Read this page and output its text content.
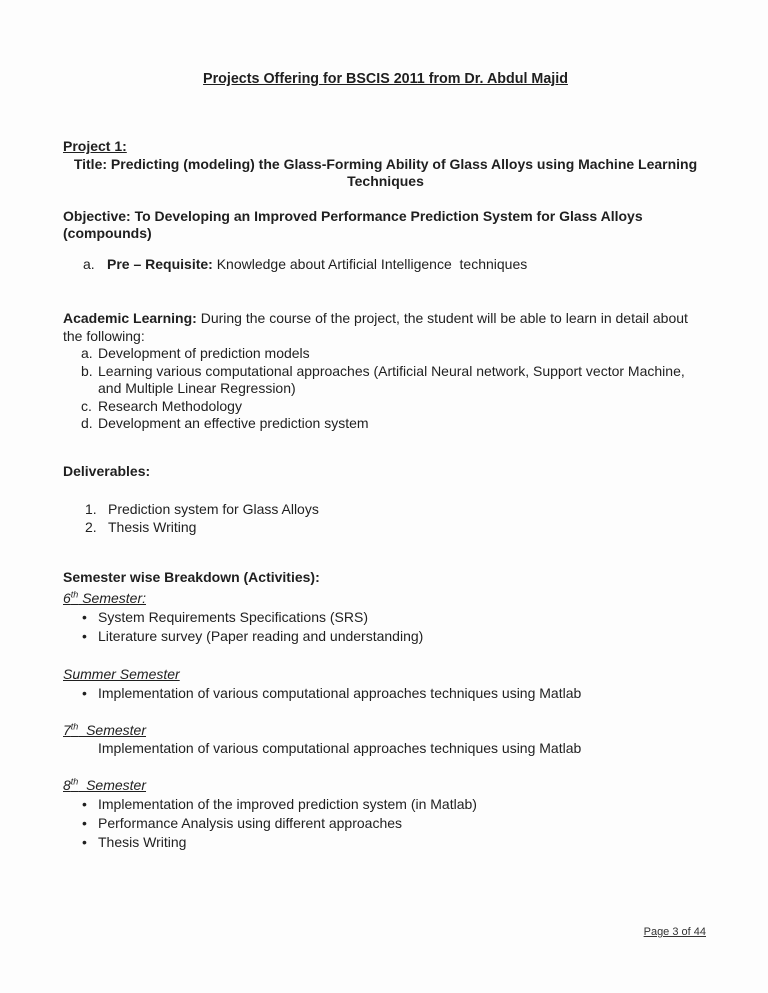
Projects Offering for BSCIS 2011 from Dr. Abdul Majid

Project 1:

Title: Predicting (modeling) the Glass-Forming Ability of Glass Alloys using Machine Learning Techniques

Objective: To Developing an Improved Performance Prediction System for Glass Alloys (compounds)

a. Pre – Requisite: Knowledge about Artificial Intelligence  techniques

Academic Learning: During the course of the project, the student will be able to learn in detail about the following:

a. Development of prediction models
b. Learning various computational approaches (Artificial Neural network, Support vector Machine, and Multiple Linear Regression)
c. Research Methodology
d. Development an effective prediction system

Deliverables:

1. Prediction system for Glass Alloys
2. Thesis Writing

Semester wise Breakdown (Activities):

6th Semester:

• System Requirements Specifications (SRS)
• Literature survey (Paper reading and understanding)

Summer Semester

• Implementation of various computational approaches techniques using Matlab

7th  Semester

Implementation of various computational approaches techniques using Matlab

8th  Semester

• Implementation of the improved prediction system (in Matlab)
• Performance Analysis using different approaches
• Thesis Writing
Page 3 of 44
